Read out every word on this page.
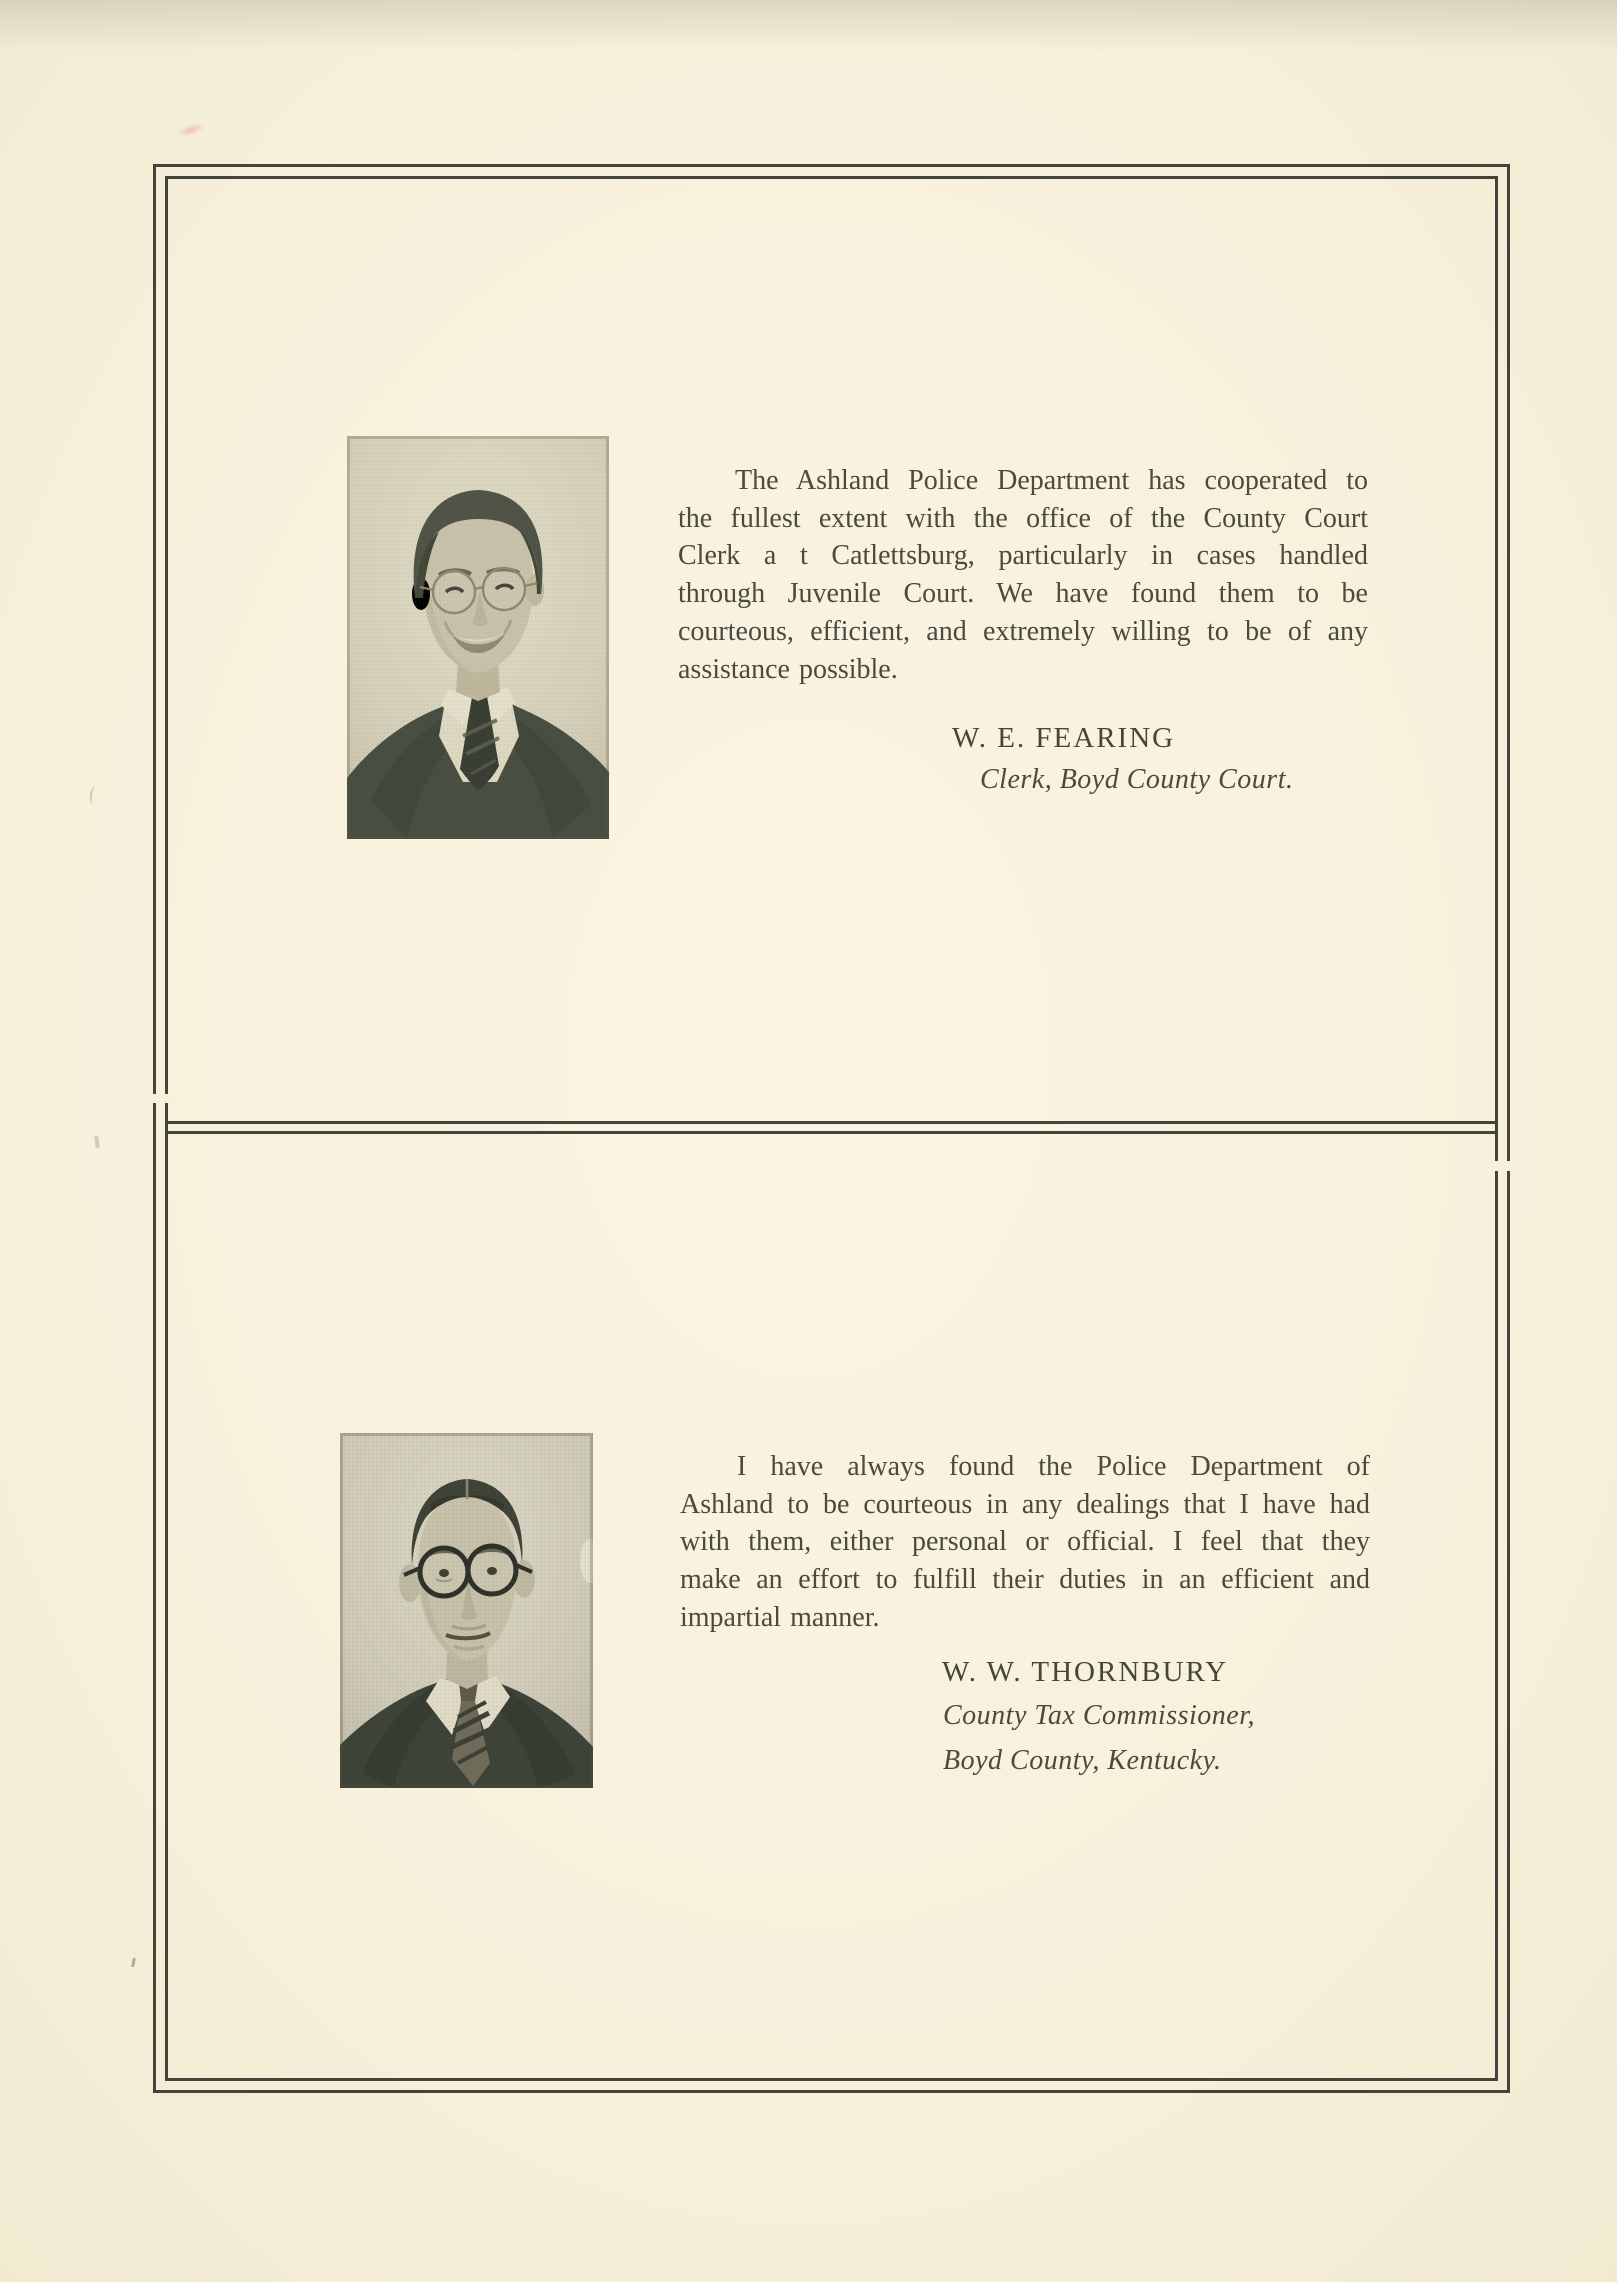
The Ashland Police Department has cooperated to
the fullest extent with the office of the County Court
Clerk a t Catlettsburg, particularly in cases handled
through Juvenile Court. We have found them to be
courteous, efficient, and extremely willing to be of any
assistance possible.
W. E. FEARING
Clerk, Boyd County Court.
I have always found the Police Department of
Ashland to be courteous in any dealings that I have had
with them, either personal or official. I feel that they
make an effort to fulfill their duties in an efficient and
impartial manner.
W. W. THORNBURY
County Tax Commissioner,
Boyd County, Kentucky.
